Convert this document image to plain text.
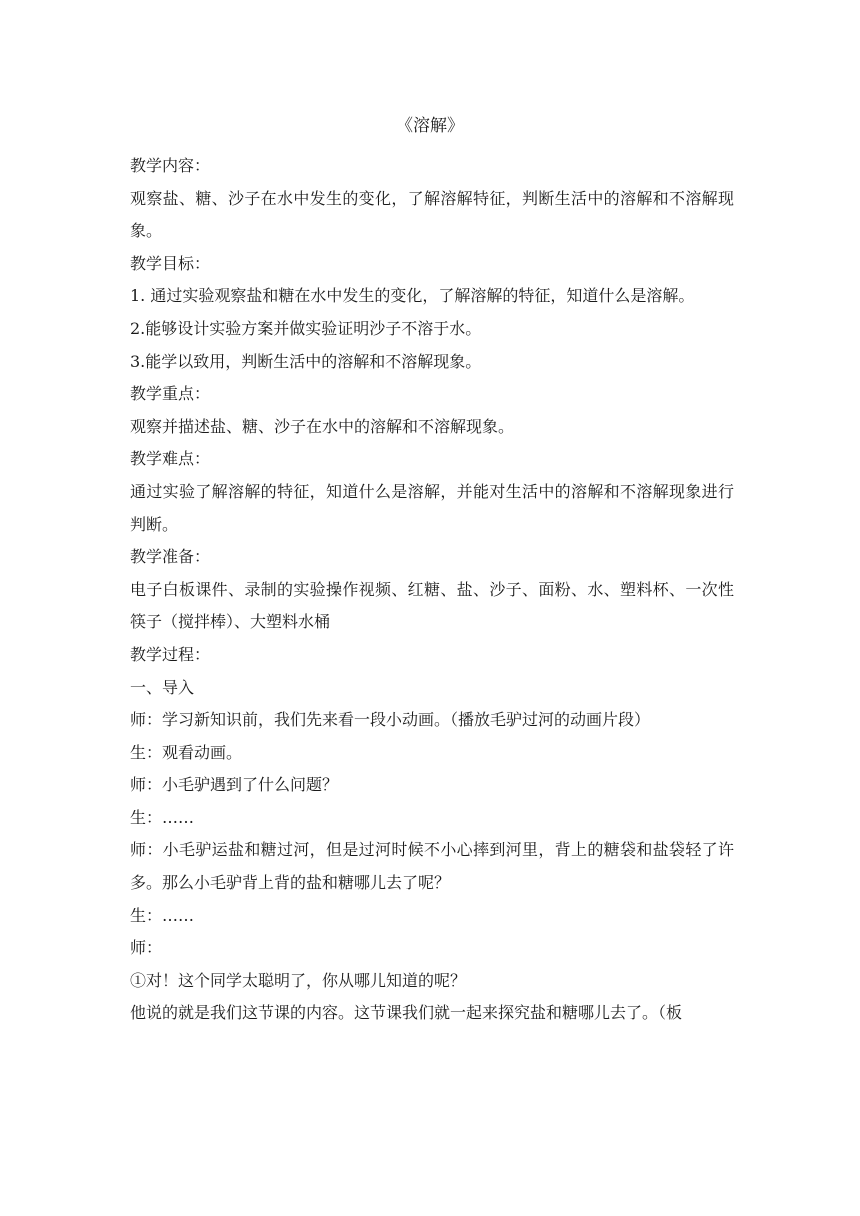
《溶解》

教学内容：

观察盐、糖、沙子在水中发生的变化，了解溶解特征，判断生活中的溶解和不溶解现象。

教学目标：

1. 通过实验观察盐和糖在水中发生的变化，了解溶解的特征，知道什么是溶解。

2.能够设计实验方案并做实验证明沙子不溶于水。

3.能学以致用，判断生活中的溶解和不溶解现象。

教学重点：

观察并描述盐、糖、沙子在水中的溶解和不溶解现象。

教学难点：

通过实验了解溶解的特征，知道什么是溶解，并能对生活中的溶解和不溶解现象进行判断。

教学准备：

电子白板课件、录制的实验操作视频、红糖、盐、沙子、面粉、水、塑料杯、一次性筷子（搅拌棒）、大塑料水桶

教学过程：

一、导入

师：学习新知识前，我们先来看一段小动画。（播放毛驴过河的动画片段）

生：观看动画。

师：小毛驴遇到了什么问题？

生：……

师：小毛驴运盐和糖过河，但是过河时候不小心摔到河里，背上的糖袋和盐袋轻了许多。那么小毛驴背上背的盐和糖哪儿去了呢？

生：……

师：

①对！这个同学太聪明了，你从哪儿知道的呢？

他说的就是我们这节课的内容。这节课我们就一起来探究盐和糖哪儿去了。（板
